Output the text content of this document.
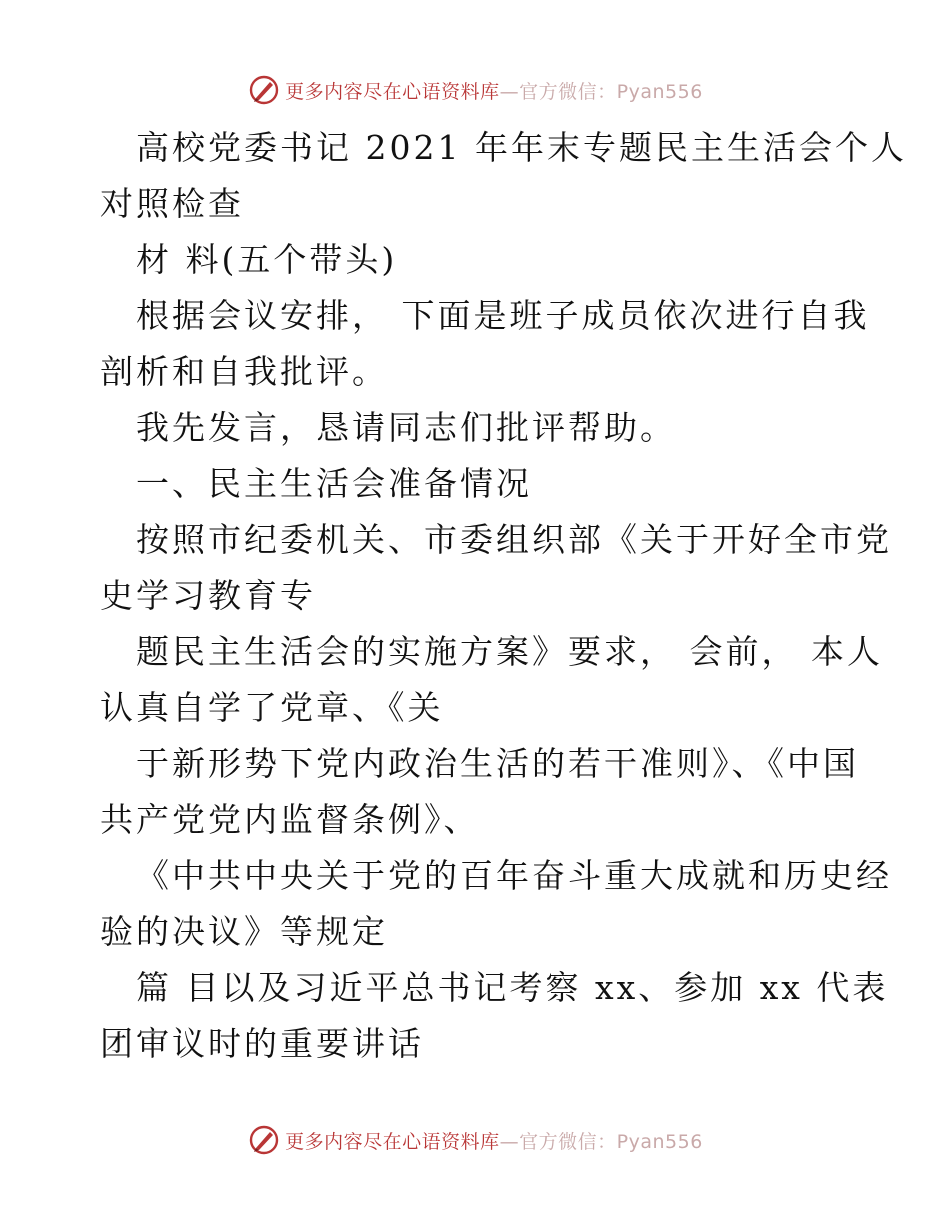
更多内容尽在心语资料库—官方微信：Pyan556

高校党委书记 2021 年年末专题民主生活会个人
对照检查

材 料(五个带头)

根据会议安排， 下面是班子成员依次进行自我
剖析和自我批评。

我先发言，恳请同志们批评帮助。

一、民主生活会准备情况

按照市纪委机关、市委组织部《关于开好全市党
史学习教育专

题民主生活会的实施方案》要求， 会前， 本人
认真自学了党章、《关

于新形势下党内政治生活的若干准则》、《中国
共产党党内监督条例》、

《中共中央关于党的百年奋斗重大成就和历史经
验的决议》等规定

篇 目以及习近平总书记考察 xx、参加 xx 代表
团审议时的重要讲话

更多内容尽在心语资料库—官方微信：Pyan556
